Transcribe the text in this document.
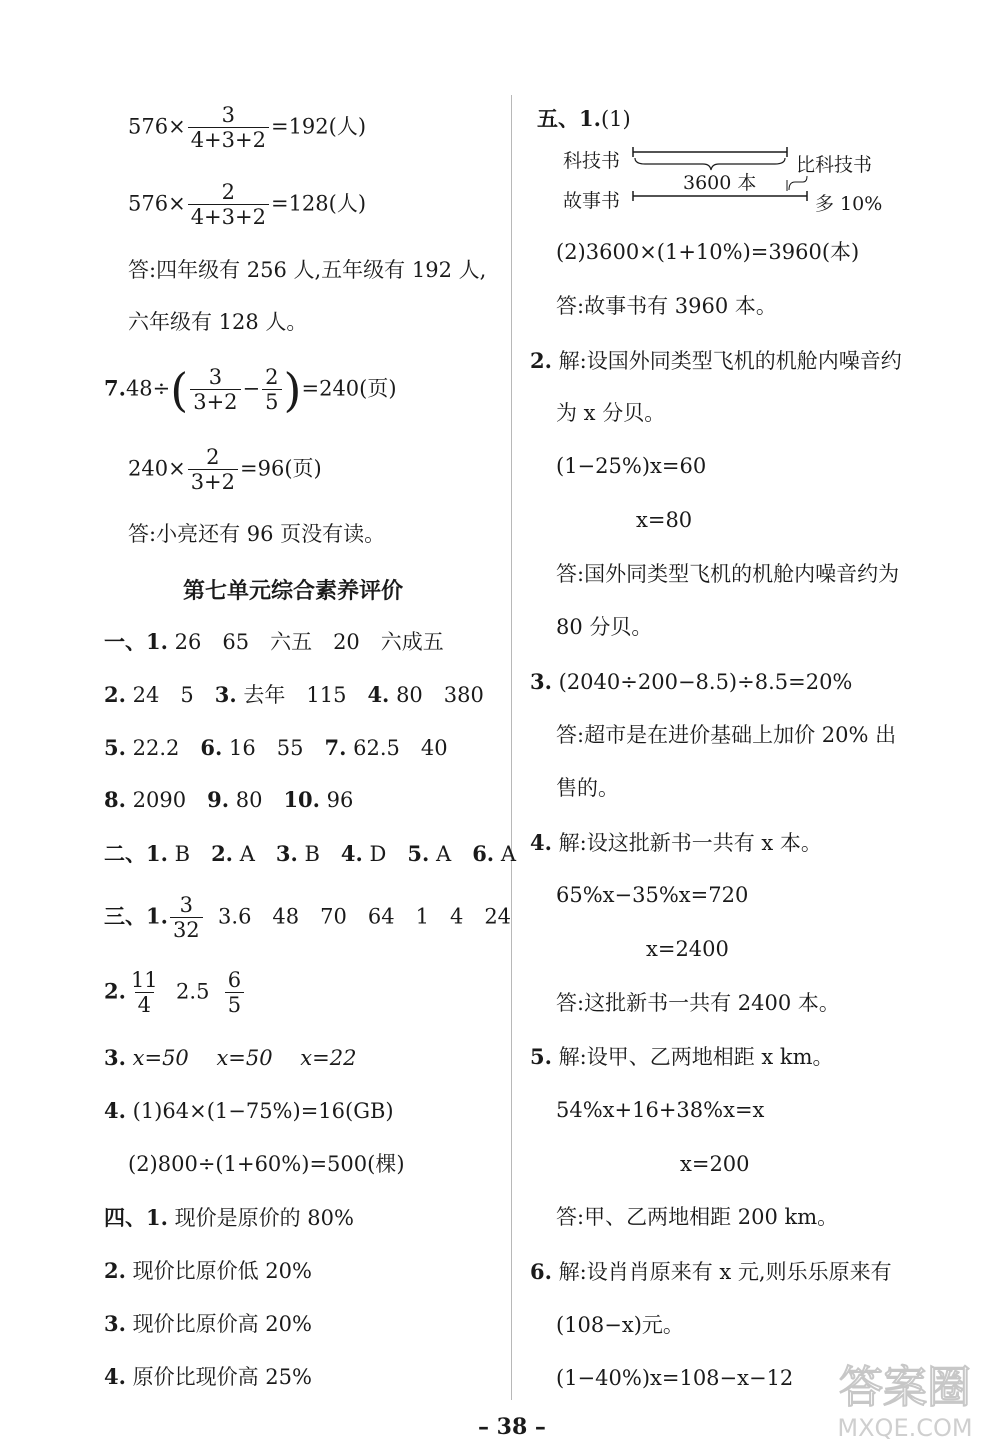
$576\times \frac{3}{4+3+2} =192$(人)
$576\times \frac{2}{4+3+2} =128$(人)
答:四年级有 256 人,五年级有 192 人,
六年级有 128 人。
$7.48\div( \frac{3}{3+2} - \frac{2}{5} )=240$(页)
$240\times \frac{2}{3+2} =96$(页)
答:小亮还有 96 页没有读。
第七单元综合素养评价
一、1. 26　65　六五　20　六成五
2. 24　5　3. 去年　115　4. 80　380
5. 22.2　6. 16　55　7. 62.5　40
8. 2090　9. 80　10. 96
二、1. B　2. A　3. B　4. D　5. A　6. A
三、1. $\frac{3}{32} 3.6$　48　70　64　1　4　24
2. $\frac{11}{4} 2.5 \frac{6}{5}$
3. x=50　 x=50　 x=22
4. (1)64×(1−75%)=16(GB)
(2)800÷(1+60%)=500(棵)
四、1. 现价是原价的 80%
2. 现价比原价低 20%
3. 现价比原价高 20%
4. 原价比现价高 25%
五、1.(1)
科技书
故事书
3600 本
比科技书
多 10%
(2)3600×(1+10%)=3960(本)
答:故事书有 3960 本。
2. 解:设国外同类型飞机的机舱内噪音约
为 x 分贝。
(1−25%)x=60
x=80
答:国外同类型飞机的机舱内噪音约为
80 分贝。
3. (2040÷200−8.5)÷8.5=20%
答:超市是在进价基础上加价 20% 出
售的。
4. 解:设这批新书一共有 x 本。
65%x−35%x=720
x=2400
答:这批新书一共有 2400 本。
5. 解:设甲、乙两地相距 x km。
54%x+16+38%x=x
x=200
答:甲、乙两地相距 200 km。
6. 解:设肖肖原来有 x 元,则乐乐原来有
(108−x)元。
(1−40%)x=108−x−12
– 38 –
答案圈
MXQE.COM
